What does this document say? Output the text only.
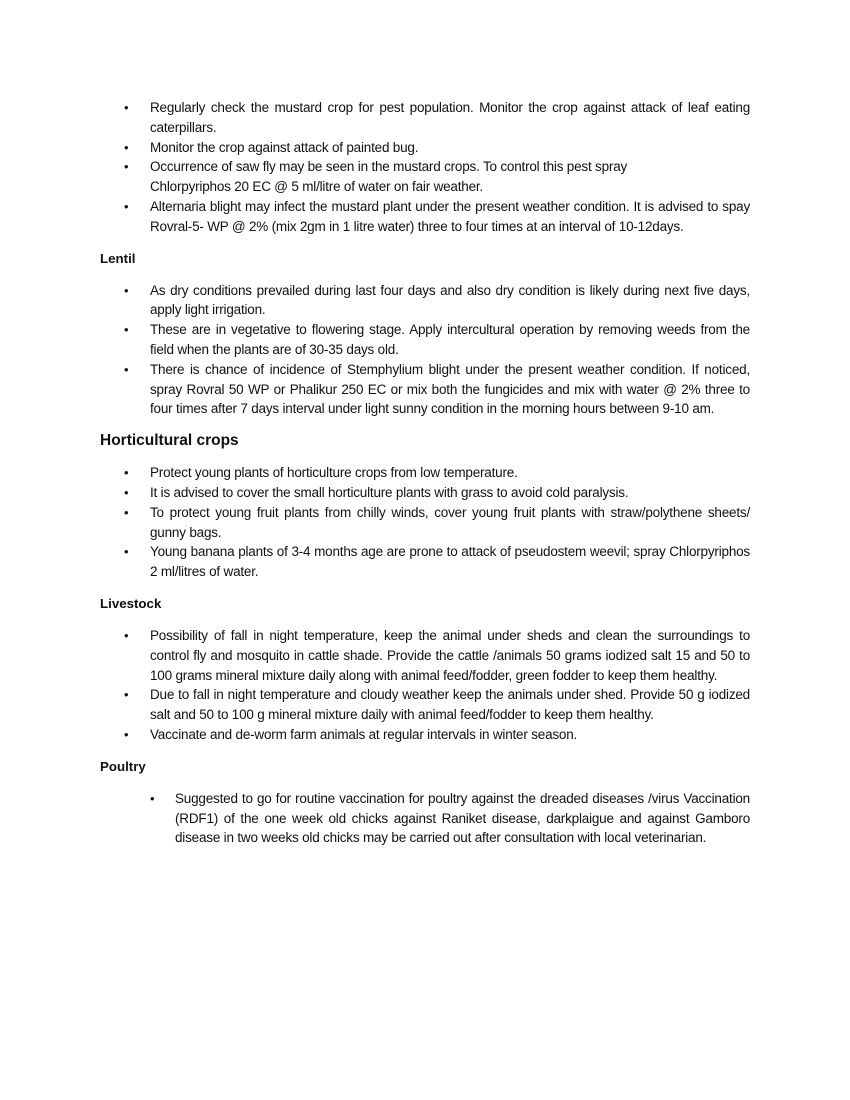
• Regularly check the mustard crop for pest population. Monitor the crop against attack of leaf eating caterpillars.
• Monitor the crop against attack of painted bug.
• Occurrence of saw fly may be seen in the mustard crops. To control this pest spray Chlorpyriphos 20 EC @ 5 ml/litre of water on fair weather.
• Alternaria blight may infect the mustard plant under the present weather condition. It is advised to spay Rovral-5- WP @ 2% (mix 2gm in 1 litre water) three to four times at an interval of 10-12days.
Lentil
• As dry conditions prevailed during last four days and also dry condition is likely during next five days, apply light irrigation.
• These are in vegetative to flowering stage. Apply intercultural operation by removing weeds from the field when the plants are of 30-35 days old.
• There is chance of incidence of Stemphylium blight under the present weather condition. If noticed, spray Rovral 50 WP or Phalikur 250 EC or mix both the fungicides and mix with water @ 2% three to four times after 7 days interval under light sunny condition in the morning hours between 9-10 am.
Horticultural crops
• Protect young plants of horticulture crops from low temperature.
• It is advised to cover the small horticulture plants with grass to avoid cold paralysis.
• To protect young fruit plants from chilly winds, cover young fruit plants with straw/polythene sheets/ gunny bags.
• Young banana plants of 3-4 months age are prone to attack of pseudostem weevil; spray Chlorpyriphos 2 ml/litres of water.
Livestock
• Possibility of fall in night temperature, keep the animal under sheds and clean the surroundings to control fly and mosquito in cattle shade. Provide the cattle /animals 50 grams iodized salt 15 and 50 to 100 grams mineral mixture daily along with animal feed/fodder, green fodder to keep them healthy.
• Due to fall in night temperature and cloudy weather keep the animals under shed. Provide 50 g iodized salt and 50 to 100 g mineral mixture daily with animal feed/fodder to keep them healthy.
• Vaccinate and de-worm farm animals at regular intervals in winter season.
Poultry
• Suggested to go for routine vaccination for poultry against the dreaded diseases /virus Vaccination (RDF1) of the one week old chicks against Raniket disease, darkplaigue and against Gamboro disease in two weeks old chicks may be carried out after consultation with local veterinarian.
